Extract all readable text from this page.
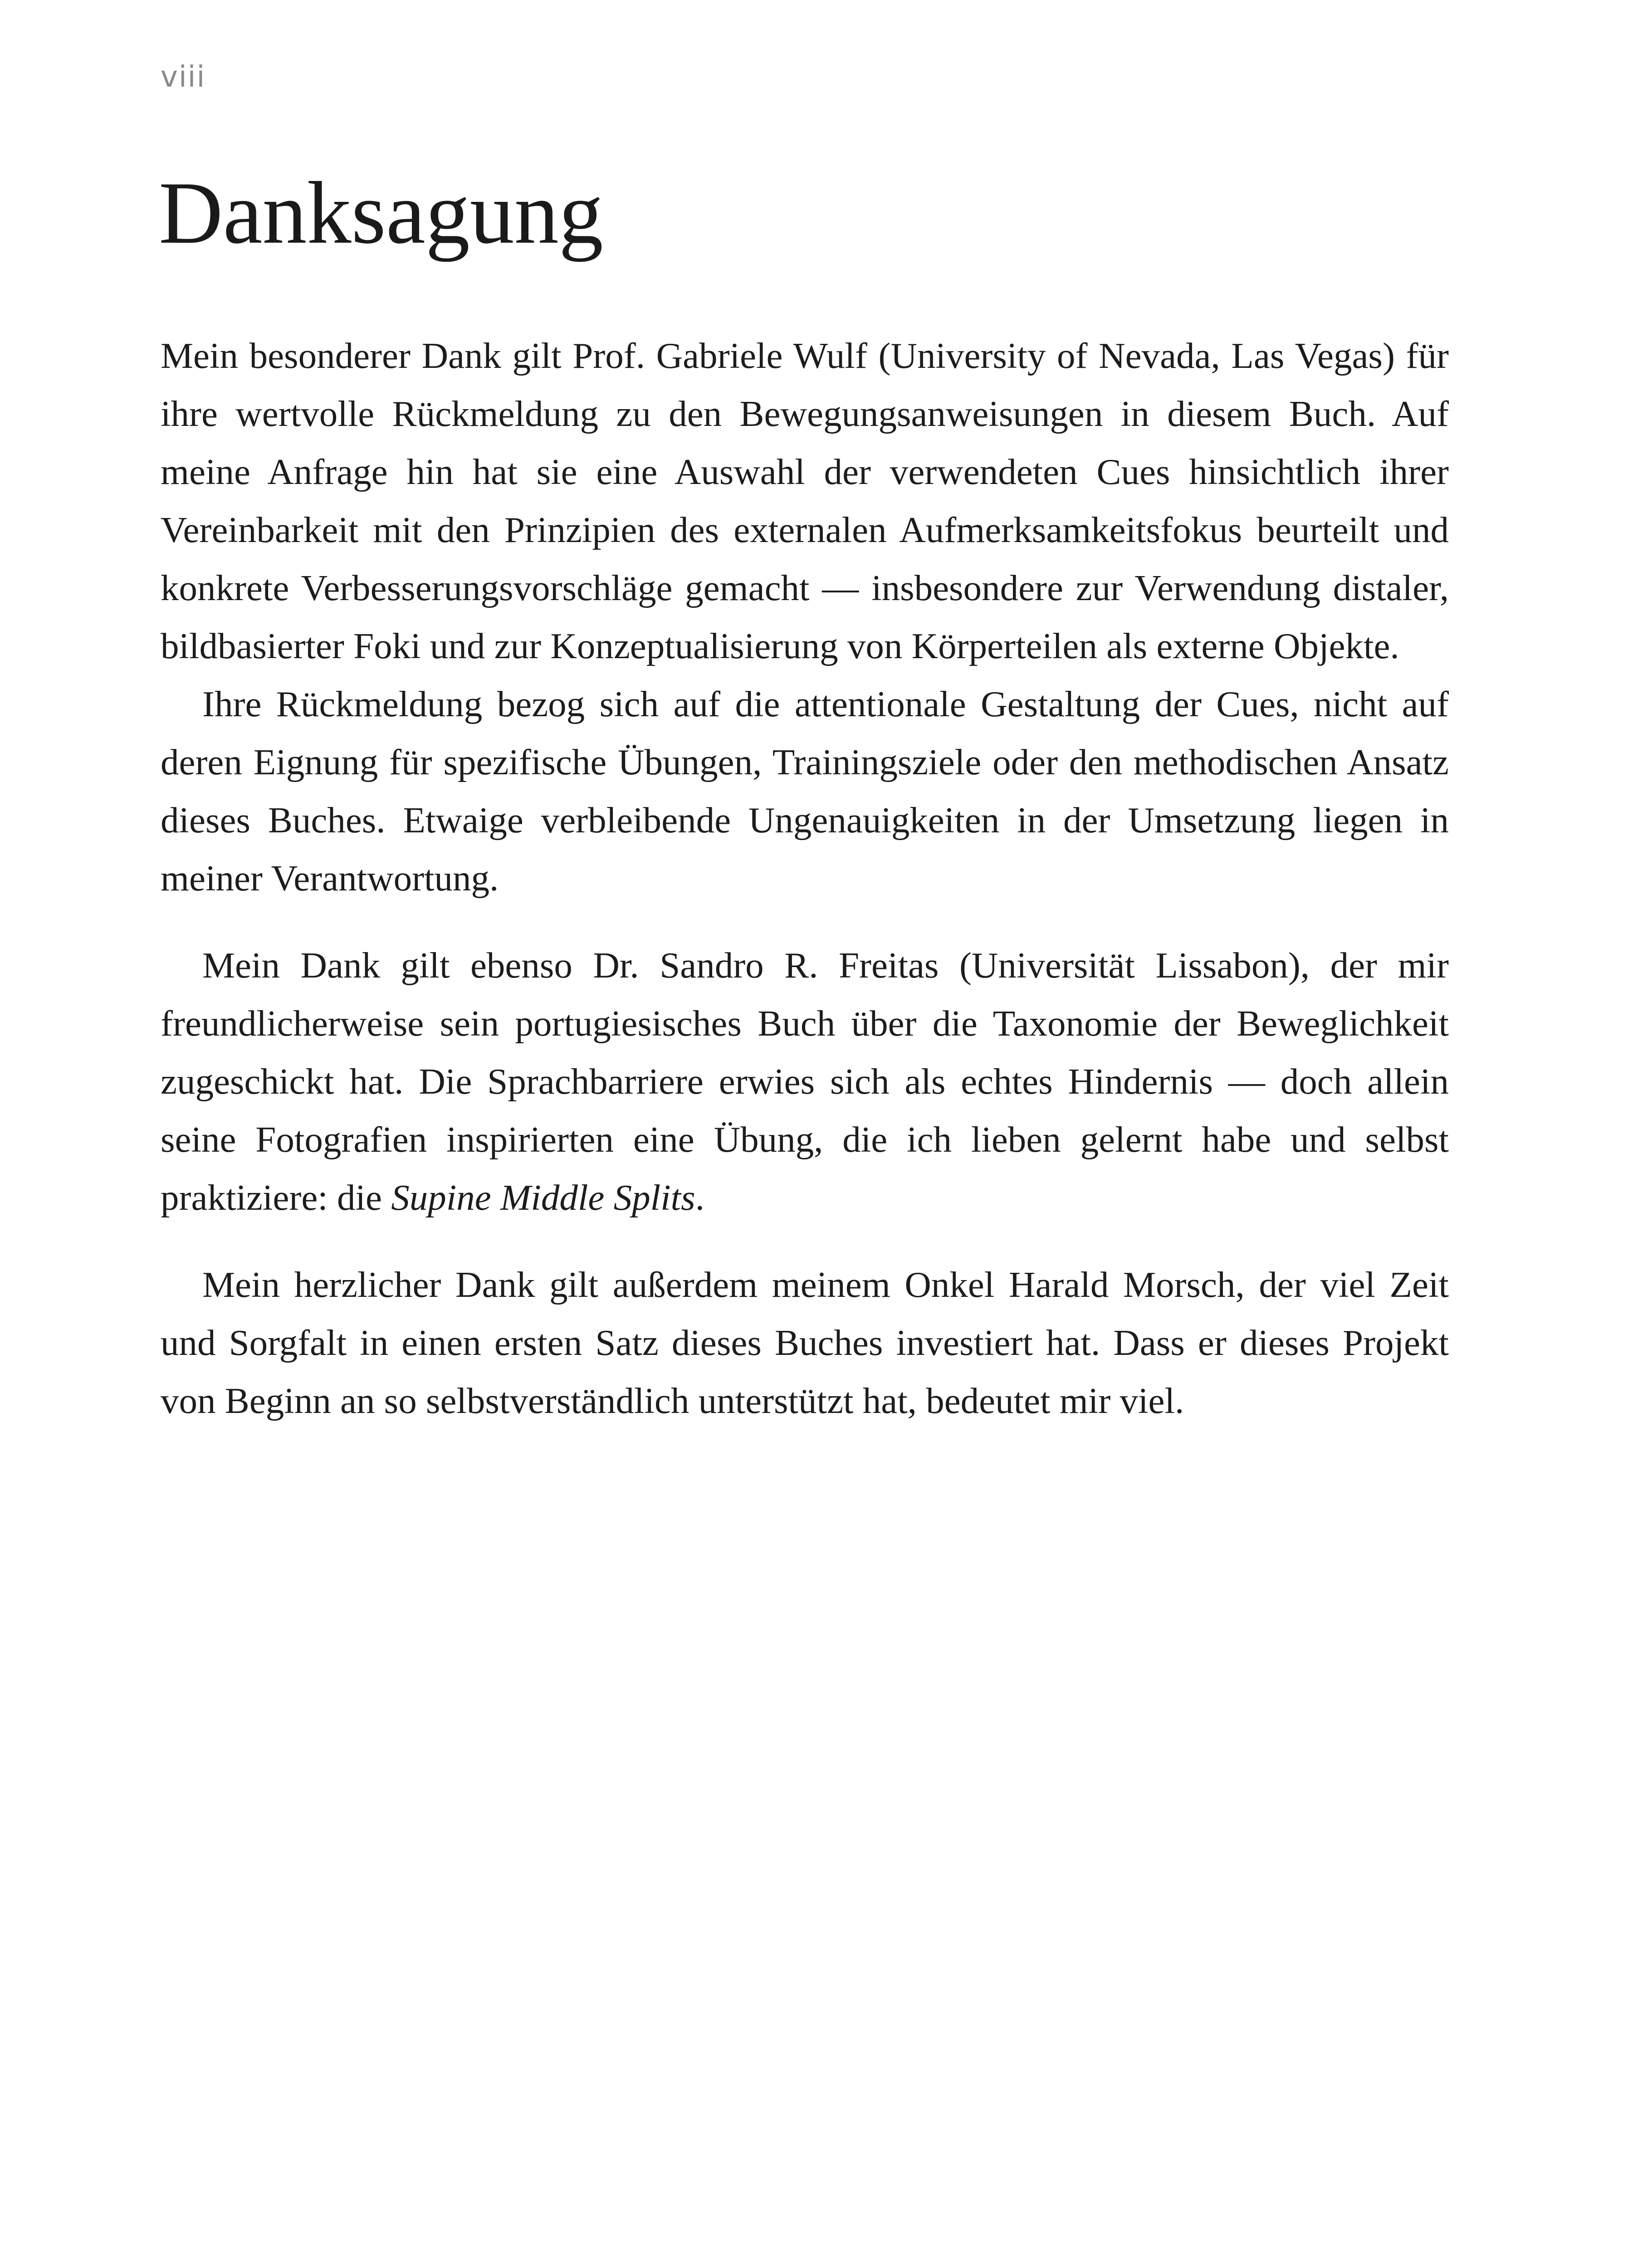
viii
Danksagung

Mein besonderer Dank gilt Prof. Gabriele Wulf (University of Nevada, Las Vegas) für ihre wertvolle Rückmeldung zu den Bewegungsanweisungen in diesem Buch. Auf meine Anfrage hin hat sie eine Auswahl der verwendeten Cues hinsichtlich ihrer Vereinbarkeit mit den Prinzipien des externalen Aufmerksamkeitsfokus beurteilt und konkrete Verbesserungsvorschläge gemacht — insbesondere zur Verwendung distaler, bildbasierter Foki und zur Konzeptualisierung von Körperteilen als externe Objekte.

Ihre Rückmeldung bezog sich auf die attentionale Gestaltung der Cues, nicht auf deren Eignung für spezifische Übungen, Trainingsziele oder den methodischen Ansatz dieses Buches. Etwaige verbleibende Ungenauigkeiten in der Umsetzung liegen in meiner Verantwortung.

Mein Dank gilt ebenso Dr. Sandro R. Freitas (Universität Lissabon), der mir freundlicherweise sein portugiesisches Buch über die Taxonomie der Beweglichkeit zugeschickt hat. Die Sprachbarriere erwies sich als echtes Hindernis — doch allein seine Fotografien inspirierten eine Übung, die ich lieben gelernt habe und selbst praktiziere: die Supine Middle Splits.

Mein herzlicher Dank gilt außerdem meinem Onkel Harald Morsch, der viel Zeit und Sorgfalt in einen ersten Satz dieses Buches investiert hat. Dass er dieses Projekt von Beginn an so selbstverständlich unterstützt hat, bedeutet mir viel.
